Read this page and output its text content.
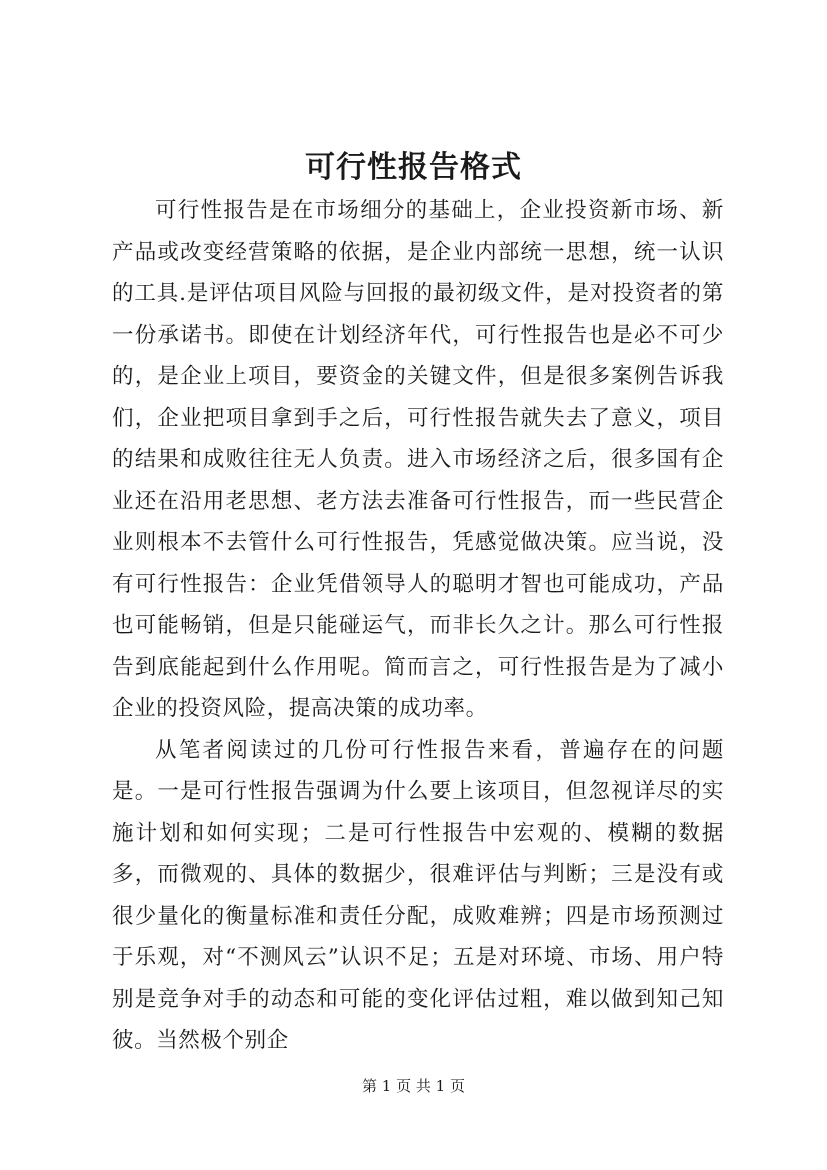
可行性报告格式

可行性报告是在市场细分的基础上，企业投资新市场、新产品或改变经营策略的依据，是企业内部统一思想，统一认识的工具.是评估项目风险与回报的最初级文件，是对投资者的第一份承诺书。即使在计划经济年代，可行性报告也是必不可少的，是企业上项目，要资金的关键文件，但是很多案例告诉我们，企业把项目拿到手之后，可行性报告就失去了意义，项目的结果和成败往往无人负责。进入市场经济之后，很多国有企业还在沿用老思想、老方法去准备可行性报告，而一些民营企业则根本不去管什么可行性报告，凭感觉做决策。应当说，没有可行性报告：企业凭借领导人的聪明才智也可能成功，产品也可能畅销，但是只能碰运气，而非长久之计。那么可行性报告到底能起到什么作用呢。简而言之，可行性报告是为了减小企业的投资风险，提高决策的成功率。

从笔者阅读过的几份可行性报告来看，普遍存在的问题是。一是可行性报告强调为什么要上该项目，但忽视详尽的实施计划和如何实现；二是可行性报告中宏观的、模糊的数据多，而微观的、具体的数据少，很难评估与判断；三是没有或很少量化的衡量标准和责任分配，成败难辨；四是市场预测过于乐观，对“不测风云”认识不足；五是对环境、市场、用户特别是竞争对手的动态和可能的变化评估过粗，难以做到知己知彼。当然极个别企

第 1 页 共 1 页
